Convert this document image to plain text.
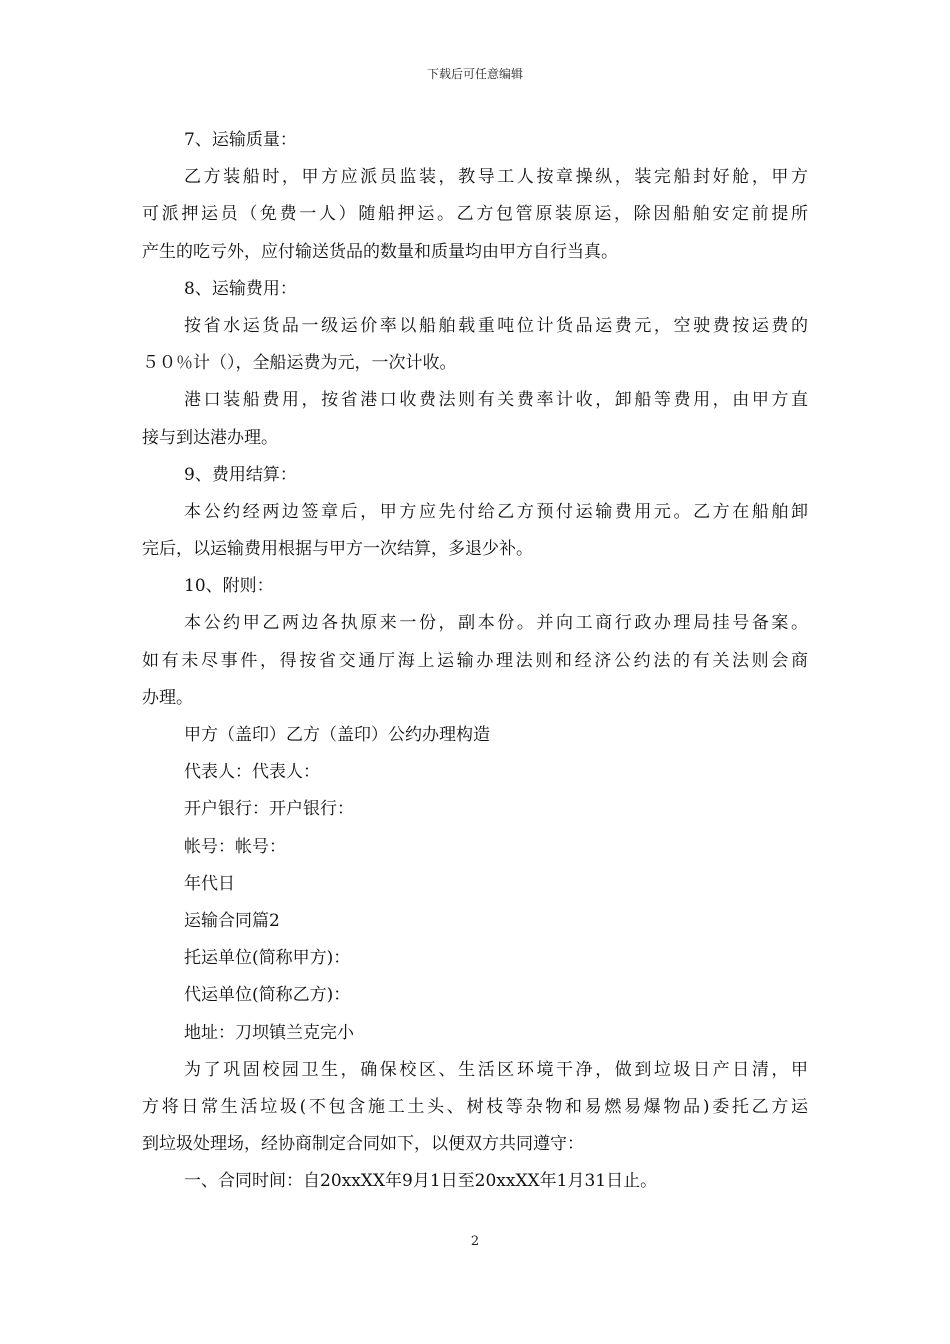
下载后可任意编辑
7、运输质量：
乙方装船时，甲方应派员监装，教导工人按章操纵，装完船封好舱，甲方
可派押运员（免费一人）随船押运。乙方包管原装原运，除因船舶安定前提所
产生的吃亏外，应付输送货品的数量和质量均由甲方自行当真。
8、运输费用：
按省水运货品一级运价率以船舶载重吨位计货品运费元，空驶费按运费的
５０％计（），全船运费为元，一次计收。
港口装船费用，按省港口收费法则有关费率计收，卸船等费用，由甲方直
接与到达港办理。
9、费用结算：
本公约经两边签章后，甲方应先付给乙方预付运输费用元。乙方在船舶卸
完后，以运输费用根据与甲方一次结算，多退少补。
10、附则：
本公约甲乙两边各执原来一份，副本份。并向工商行政办理局挂号备案。
如有未尽事件，得按省交通厅海上运输办理法则和经济公约法的有关法则会商
办理。
甲方（盖印）乙方（盖印）公约办理构造
代表人：代表人：
开户银行：开户银行：
帐号：帐号：
年代日
运输合同篇2
托运单位(简称甲方)：
代运单位(简称乙方)：
地址：刀坝镇兰克完小
为了巩固校园卫生，确保校区、生活区环境干净，做到垃圾日产日清，甲
方将日常生活垃圾(不包含施工土头、树枝等杂物和易燃易爆物品)委托乙方运
到垃圾处理场，经协商制定合同如下，以便双方共同遵守：
一、合同时间：自20xxXX年9月1日至20xxXX年1月31日止。
2
